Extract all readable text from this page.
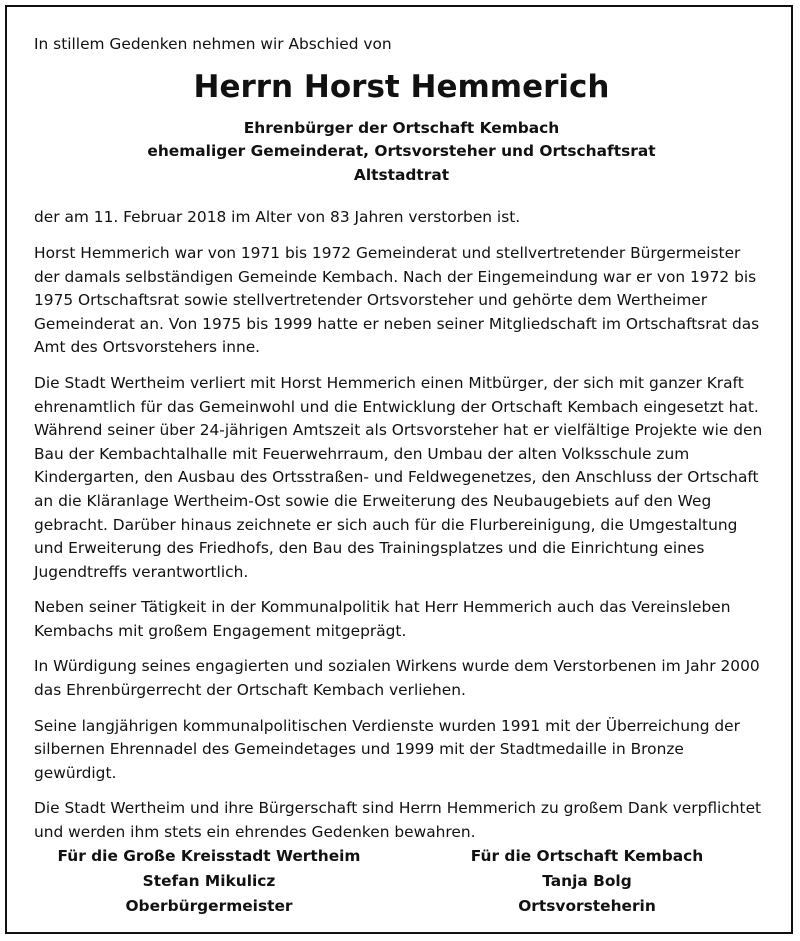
In stillem Gedenken nehmen wir Abschied von

Herrn Horst Hemmerich
Ehrenbürger der Ortschaft Kembach
ehemaliger Gemeinderat, Ortsvorsteher und Ortschaftsrat
Altstadtrat

der am 11. Februar 2018 im Alter von 83 Jahren verstorben ist.

Horst Hemmerich war von 1971 bis 1972 Gemeinderat und stellvertretender Bürgermeister der damals selbständigen Gemeinde Kembach. Nach der Eingemeindung war er von 1972 bis 1975 Ortschaftsrat sowie stellvertretender Ortsvorsteher und gehörte dem Wertheimer Gemeinderat an. Von 1975 bis 1999 hatte er neben seiner Mitgliedschaft im Ortschaftsrat das Amt des Ortsvorstehers inne.

Die Stadt Wertheim verliert mit Horst Hemmerich einen Mitbürger, der sich mit ganzer Kraft ehrenamtlich für das Gemeinwohl und die Entwicklung der Ortschaft Kembach eingesetzt hat. Während seiner über 24-jährigen Amtszeit als Ortsvorsteher hat er vielfältige Projekte wie den Bau der Kembachtalhalle mit Feuerwehrraum, den Umbau der alten Volksschule zum Kindergarten, den Ausbau des Ortsstraßen- und Feldwegenetzes, den Anschluss der Ortschaft an die Kläranlage Wertheim-Ost sowie die Erweiterung des Neubaugebiets auf den Weg gebracht. Darüber hinaus zeichnete er sich auch für die Flurbereinigung, die Umgestaltung und Erweiterung des Friedhofs, den Bau des Trainingsplatzes und die Einrichtung eines Jugendtreffs verantwortlich.

Neben seiner Tätigkeit in der Kommunalpolitik hat Herr Hemmerich auch das Vereinsleben Kembachs mit großem Engagement mitgeprägt.

In Würdigung seines engagierten und sozialen Wirkens wurde dem Verstorbenen im Jahr 2000 das Ehrenbürgerrecht der Ortschaft Kembach verliehen.

Seine langjährigen kommunalpolitischen Verdienste wurden 1991 mit der Überreichung der silbernen Ehrennadel des Gemeindetages und 1999 mit der Stadtmedaille in Bronze gewürdigt.

Die Stadt Wertheim und ihre Bürgerschaft sind Herrn Hemmerich zu großem Dank verpflichtet und werden ihm stets ein ehrendes Gedenken bewahren.

Für die Große Kreisstadt Wertheim
Stefan Mikulicz
Oberbürgermeister
Für die Ortschaft Kembach
Tanja Bolg
Ortsvorsteherin
